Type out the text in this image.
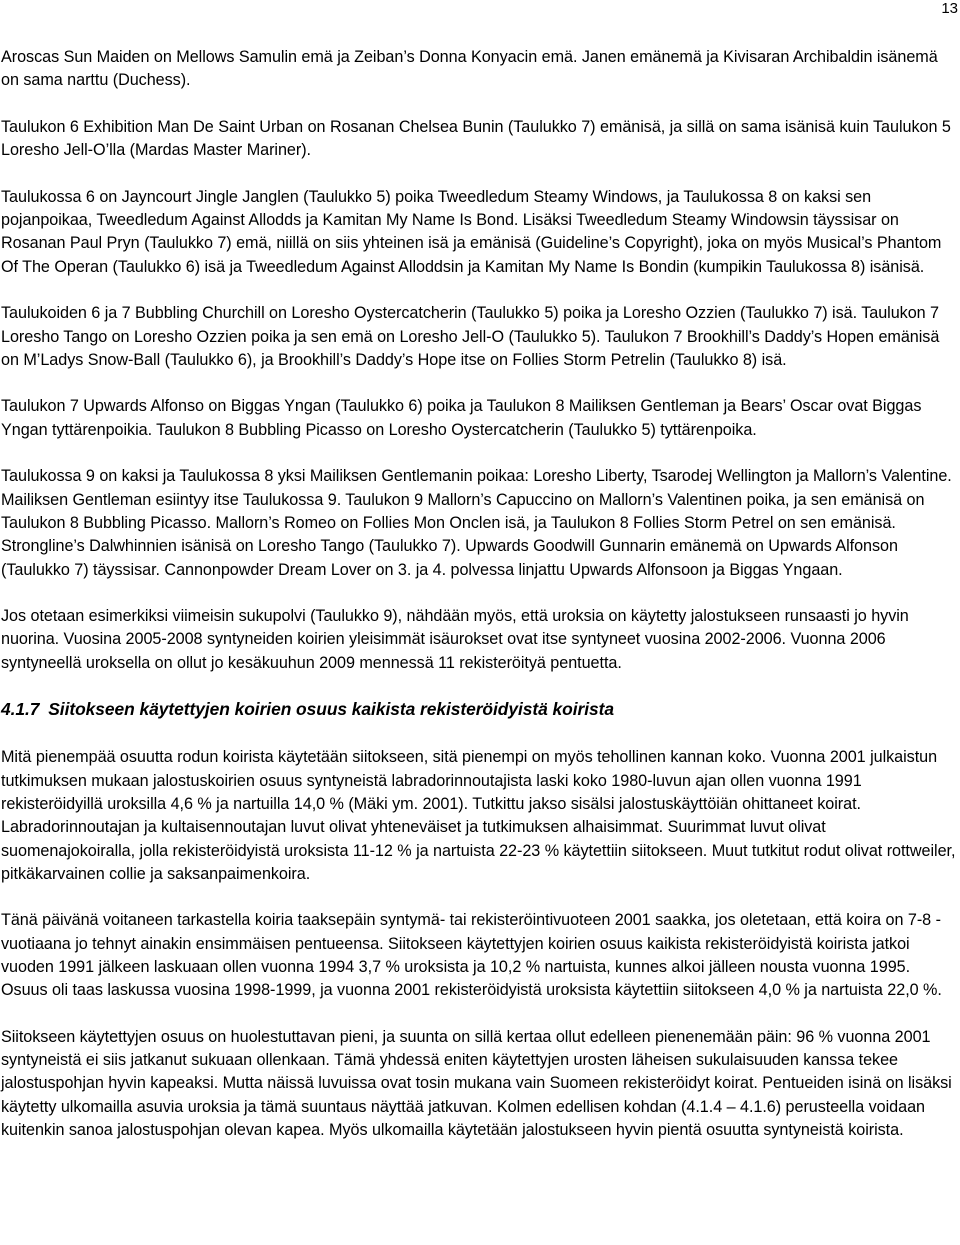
13

Aroscas Sun Maiden on Mellows Samulin emä ja Zeiban’s Donna Konyacin emä. Janen emänemä ja Kivisaran Archibaldin isänemä on sama narttu (Duchess).

Taulukon 6 Exhibition Man De Saint Urban on Rosanan Chelsea Bunin (Taulukko 7) emänisä, ja sillä on sama isänisä kuin Taulukon 5 Loresho Jell-O’lla (Mardas Master Mariner).

Taulukossa 6 on Jayncourt Jingle Janglen (Taulukko 5) poika Tweedledum Steamy Windows, ja Taulukossa 8 on kaksi sen pojanpoikaa, Tweedledum Against Allodds ja Kamitan My Name Is Bond. Lisäksi Tweedledum Steamy Windowsin täyssisar on Rosanan Paul Pryn (Taulukko 7) emä, niillä on siis yhteinen isä ja emänisä (Guideline’s Copyright), joka on myös Musical’s Phantom Of The Operan (Taulukko 6) isä ja Tweedledum Against Alloddsin ja Kamitan My Name Is Bondin (kumpikin Taulukossa 8) isänisä.

Taulukoiden 6 ja 7 Bubbling Churchill on Loresho Oystercatcherin (Taulukko 5) poika ja Loresho Ozzien (Taulukko 7) isä. Taulukon 7 Loresho Tango on Loresho Ozzien poika ja sen emä on Loresho Jell-O (Taulukko 5). Taulukon 7 Brookhill’s Daddy’s Hopen emänisä on M’Ladys Snow-Ball (Taulukko 6), ja Brookhill’s Daddy’s Hope itse on Follies Storm Petrelin (Taulukko 8) isä.

Taulukon 7 Upwards Alfonso on Biggas Yngan (Taulukko 6) poika ja Taulukon 8 Mailiksen Gentleman ja Bears’ Oscar ovat Biggas Yngan tyttärenpoikia. Taulukon 8 Bubbling Picasso on Loresho Oystercatcherin (Taulukko 5) tyttärenpoika.

Taulukossa 9 on kaksi ja Taulukossa 8 yksi Mailiksen Gentlemanin poikaa: Loresho Liberty, Tsarodej Wellington ja Mallorn’s Valentine. Mailiksen Gentleman esiintyy itse Taulukossa 9. Taulukon 9 Mallorn’s Capuccino on Mallorn’s Valentinen poika, ja sen emänisä on Taulukon 8 Bubbling Picasso. Mallorn’s Romeo on Follies Mon Onclen isä, ja Taulukon 8 Follies Storm Petrel on sen emänisä. Strongline’s Dalwhinnien isänisä on Loresho Tango (Taulukko 7). Upwards Goodwill Gunnarin emänemä on Upwards Alfonson (Taulukko 7) täyssisar. Cannonpowder Dream Lover on 3. ja 4. polvessa linjattu Upwards Alfonsoon ja Biggas Yngaan.

Jos otetaan esimerkiksi viimeisin sukupolvi (Taulukko 9), nähdään myös, että uroksia on käytetty jalostukseen runsaasti jo hyvin nuorina. Vuosina 2005-2008 syntyneiden koirien yleisimmät isäurokset ovat itse syntyneet vuosina 2002-2006. Vuonna 2006 syntyneellä uroksella on ollut jo kesäkuuhun 2009 mennessä 11 rekisteröityä pentuetta.

4.1.7 Siitokseen käytettyjen koirien osuus kaikista rekisteröidyistä koirista

Mitä pienempää osuutta rodun koirista käytetään siitokseen, sitä pienempi on myös tehollinen kannan koko. Vuonna 2001 julkaistun tutkimuksen mukaan jalostuskoirien osuus syntyneistä labradorinnoutajista laski koko 1980-luvun ajan ollen vuonna 1991 rekisteröidyillä uroksilla 4,6 % ja nartuilla 14,0 % (Mäki ym. 2001). Tutkittu jakso sisälsi jalostuskäyttöiän ohittaneet koirat. Labradorinnoutajan ja kultaisennoutajan luvut olivat yhteneväiset ja tutkimuksen alhaisimmat. Suurimmat luvut olivat suomenajokoiralla, jolla rekisteröidyistä uroksista 11-12 % ja nartuista 22-23 % käytettiin siitokseen. Muut tutkitut rodut olivat rottweiler, pitkäkarvainen collie ja saksanpaimenkoira.

Tänä päivänä voitaneen tarkastella koiria taaksepäin syntymä- tai rekisteröintivuoteen 2001 saakka, jos oletetaan, että koira on 7-8 -vuotiaana jo tehnyt ainakin ensimmäisen pentueensa. Siitokseen käytettyjen koirien osuus kaikista rekisteröidyistä koirista jatkoi vuoden 1991 jälkeen laskuaan ollen vuonna 1994 3,7 % uroksista ja 10,2 % nartuista, kunnes alkoi jälleen nousta vuonna 1995. Osuus oli taas laskussa vuosina 1998-1999, ja vuonna 2001 rekisteröidyistä uroksista käytettiin siitokseen 4,0 % ja nartuista 22,0 %.

Siitokseen käytettyjen osuus on huolestuttavan pieni, ja suunta on sillä kertaa ollut edelleen pienenemään päin: 96 % vuonna 2001 syntyneistä ei siis jatkanut sukuaan ollenkaan. Tämä yhdessä eniten käytettyjen urosten läheisen sukulaisuuden kanssa tekee jalostuspohjan hyvin kapeaksi. Mutta näissä luvuissa ovat tosin mukana vain Suomeen rekisteröidyt koirat. Pentueiden isinä on lisäksi käytetty ulkomailla asuvia uroksia ja tämä suuntaus näyttää jatkuvan. Kolmen edellisen kohdan (4.1.4 – 4.1.6) perusteella voidaan kuitenkin sanoa jalostuspohjan olevan kapea. Myös ulkomailla käytetään jalostukseen hyvin pientä osuutta syntyneistä koirista.
